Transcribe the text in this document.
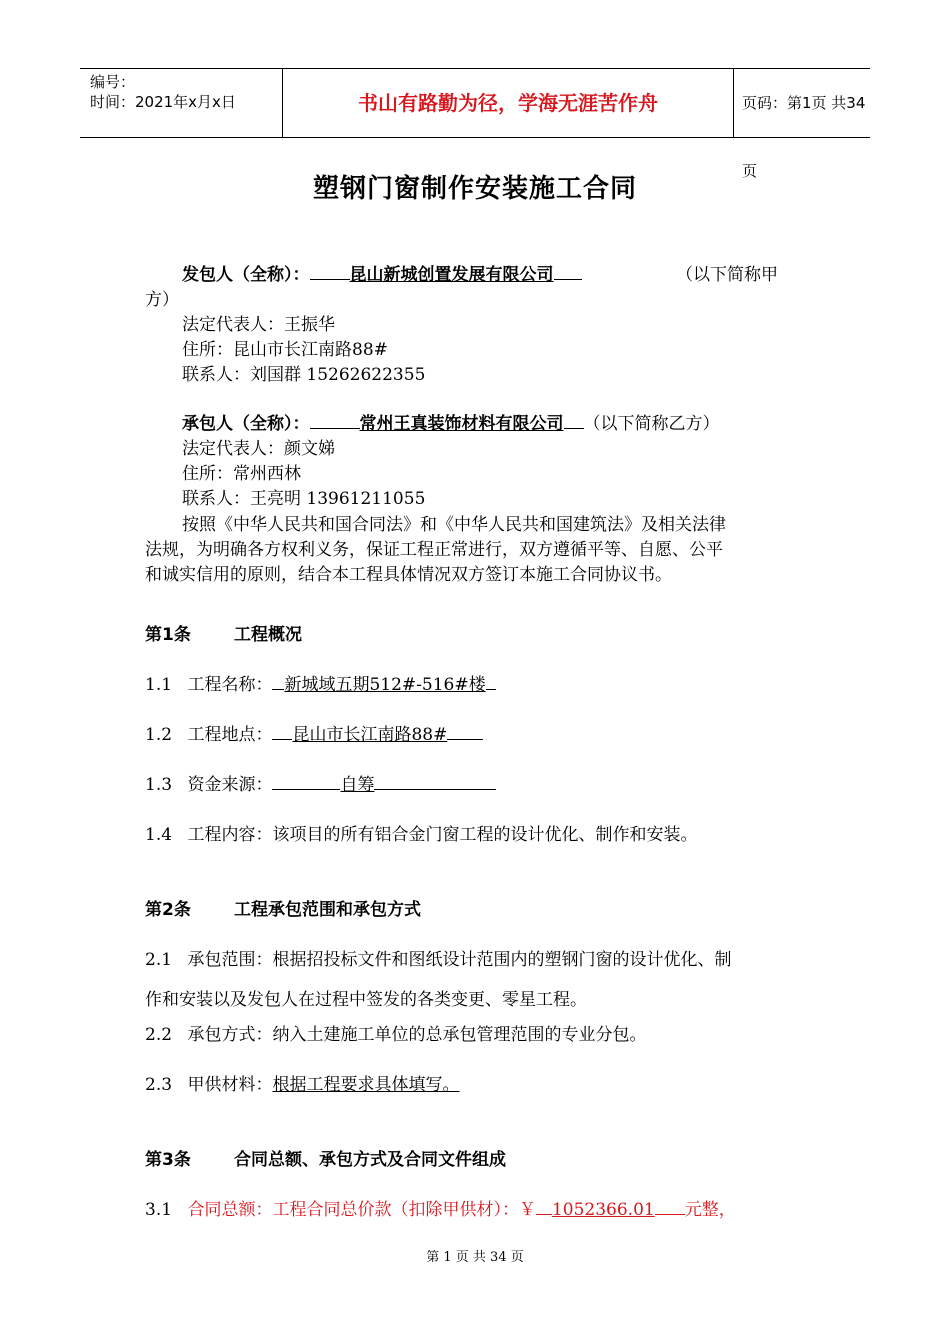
编号：
时间：2021年x月x日	书山有路勤为径，学海无涯苦作舟	页码：第1页 共34页
塑钢门窗制作安装施工合同
发包人（全称）： 昆山新城创置发展有限公司	（以下简称甲
方）
法定代表人：王振华
住所：昆山市长江南路88#
联系人：刘国群 15262622355
承包人（全称）：	常州王真装饰材料有限公司 （以下简称乙方）
法定代表人：颜文娣
住所：常州西林
联系人：王亮明 13961211055
按照《中华人民共和国合同法》和《中华人民共和国建筑法》及相关法律
法规，为明确各方权利义务，保证工程正常进行，双方遵循平等、自愿、公平
和诚实信用的原则，结合本工程具体情况双方签订本施工合同协议书。
第1条	工程概况
1.1 工程名称： 新城域五期512#-516#楼
1.2 工程地点： 昆山市长江南路88#
1.3 资金来源：	自筹
1.4 工程内容：该项目的所有铝合金门窗工程的设计优化、制作和安装。
第2条	工程承包范围和承包方式
2.1 承包范围：根据招投标文件和图纸设计范围内的塑钢门窗的设计优化、制
作和安装以及发包人在过程中签发的各类变更、零星工程。
2.2 承包方式：纳入土建施工单位的总承包管理范围的专业分包。
2.3 甲供材料：根据工程要求具体填写。
第3条	合同总额、承包方式及合同文件组成
3.1 合同总额：工程合同总价款（扣除甲供材）：￥ 1052366.01 元整，
第 1 页 共 34 页
